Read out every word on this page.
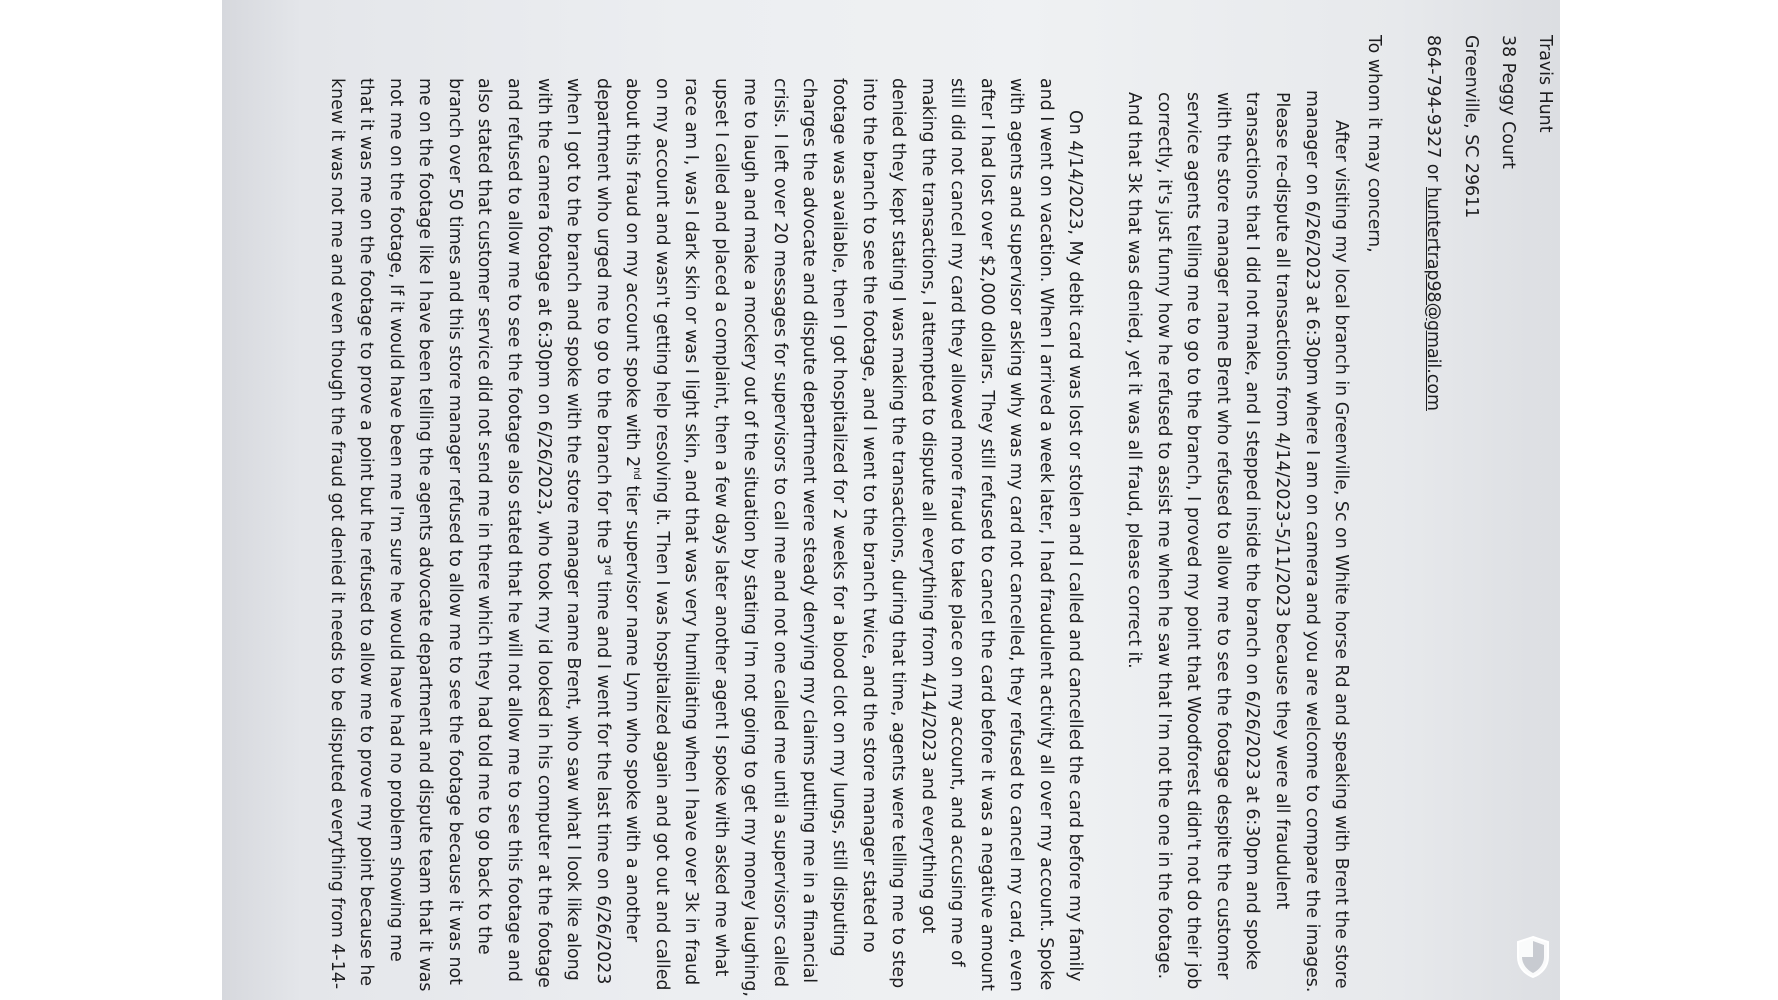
Travis Hunt
38 Peggy Court
Greenville, SC 29611
864-794-9327 or huntertrap98@gmail.com
To whom it may concern,
After visiting my local branch in Greenville, Sc on White horse Rd and speaking with Brent the store
manager on 6/26/2023 at 6:30pm where I am on camera and you are welcome to compare the images.
Please re-dispute all transactions from 4/14/2023-5/11/2023 because they were all fraudulent
transactions that I did not make, and I stepped inside the branch on 6/26/2023 at 6:30pm and spoke
with the store manager name Brent who refused to allow me to see the footage despite the customer
service agents telling me to go to the branch, I proved my point that Woodforest didn't not do their job
correctly, it's just funny how he refused to assist me when he saw that I'm not the one in the footage.
And that 3k that was denied, yet it was all fraud, please correct it.
On 4/14/2023, My debit card was lost or stolen and I called and cancelled the card before my family
and I went on vacation. When I arrived a week later, I had fraudulent activity all over my account. Spoke
with agents and supervisor asking why was my card not cancelled, they refused to cancel my card, even
after I had lost over $2,000 dollars. They still refused to cancel the card before it was a negative amount
still did not cancel my card they allowed more fraud to take place on my account, and accusing me of
making the transactions, I attempted to dispute all everything from 4/14/2023 and everything got
denied they kept stating I was making the transactions, during that time, agents were telling me to step
into the branch to see the footage, and I went to the branch twice, and the store manager stated no
footage was available, then I got hospitalized for 2 weeks for a blood clot on my lungs, still disputing
charges the advocate and dispute department were steady denying my claims putting me in a financial
crisis. I left over 20 messages for supervisors to call me and not one called me until a supervisors called
me to laugh and make a mockery out of the situation by stating I'm not going to get my money laughing,
upset I called and placed a complaint, then a few days later another agent I spoke with asked me what
race am I, was I dark skin or was I light skin, and that was very humiliating when I have over 3k in fraud
on my account and wasn't getting help resolving it. Then I was hospitalized again and got out and called
about this fraud on my account spoke with 2nd tier supervisor name Lynn who spoke with a another
department who urged me to go to the branch for the 3rd time and I went for the last time on 6/26/2023
when I got to the branch and spoke with the store manager name Brent, who saw what I look like along
with the camera footage at 6:30pm on 6/26/2023, who took my id looked in his computer at the footage
and refused to allow me to see the footage also stated that he will not allow me to see this footage and
also stated that customer service did not send me in there which they had told me to go back to the
branch over 50 times and this store manager refused to allow me to see the footage because it was not
me on the footage like I have been telling the agents advocate department and dispute team that it was
not me on the footage, If it would have been me I'm sure he would have had no problem showing me
that it was me on the footage to prove a point but he refused to allow me to prove my point because he
knew it was not me and even though the fraud got denied it needs to be disputed everything from 4-14-
